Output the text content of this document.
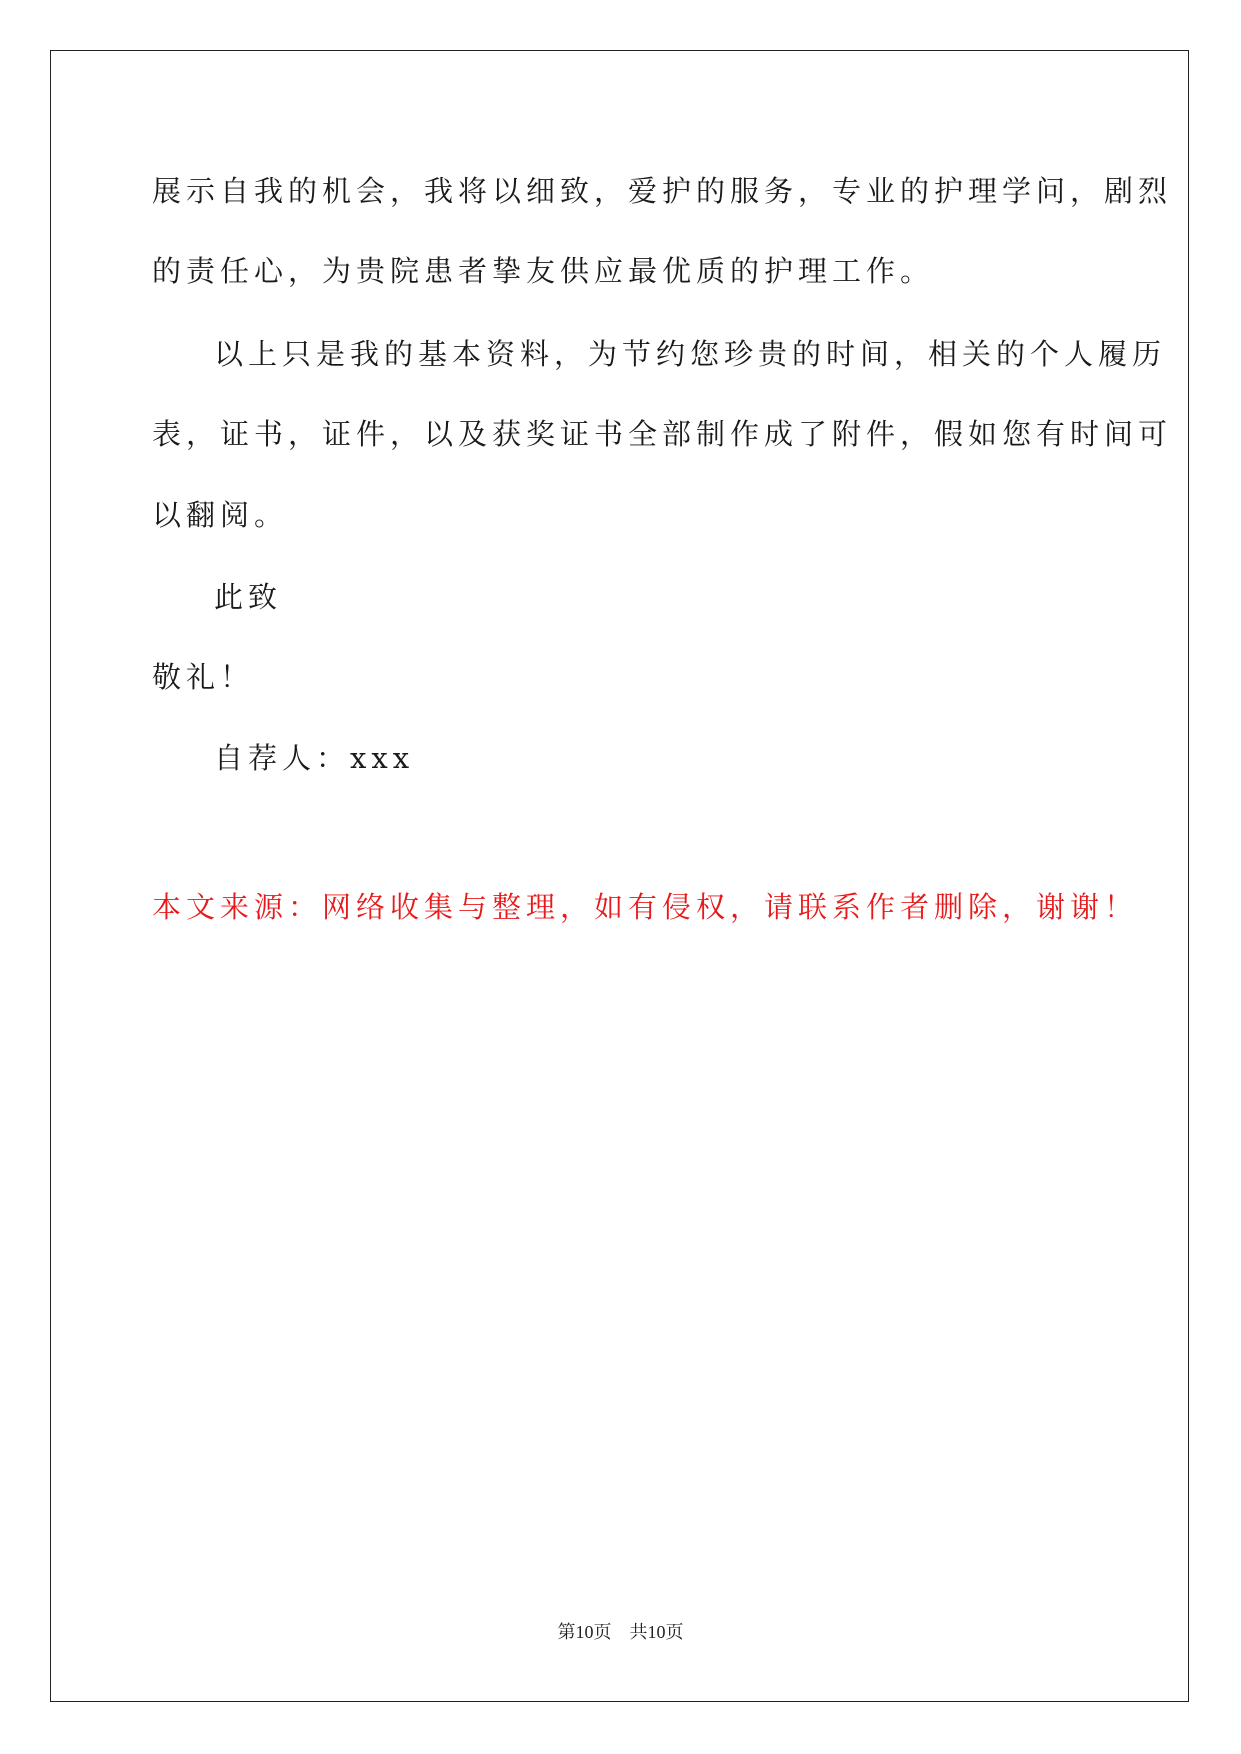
展示自我的机会，我将以细致，爱护的服务，专业的护理学问，剧烈
的责任心，为贵院患者挚友供应最优质的护理工作。
以上只是我的基本资料，为节约您珍贵的时间，相关的个人履历
表，证书，证件，以及获奖证书全部制作成了附件，假如您有时间可
以翻阅。
此致
敬礼！
自荐人：xxx
本文来源：网络收集与整理，如有侵权，请联系作者删除，谢谢！
第10页 共10页
